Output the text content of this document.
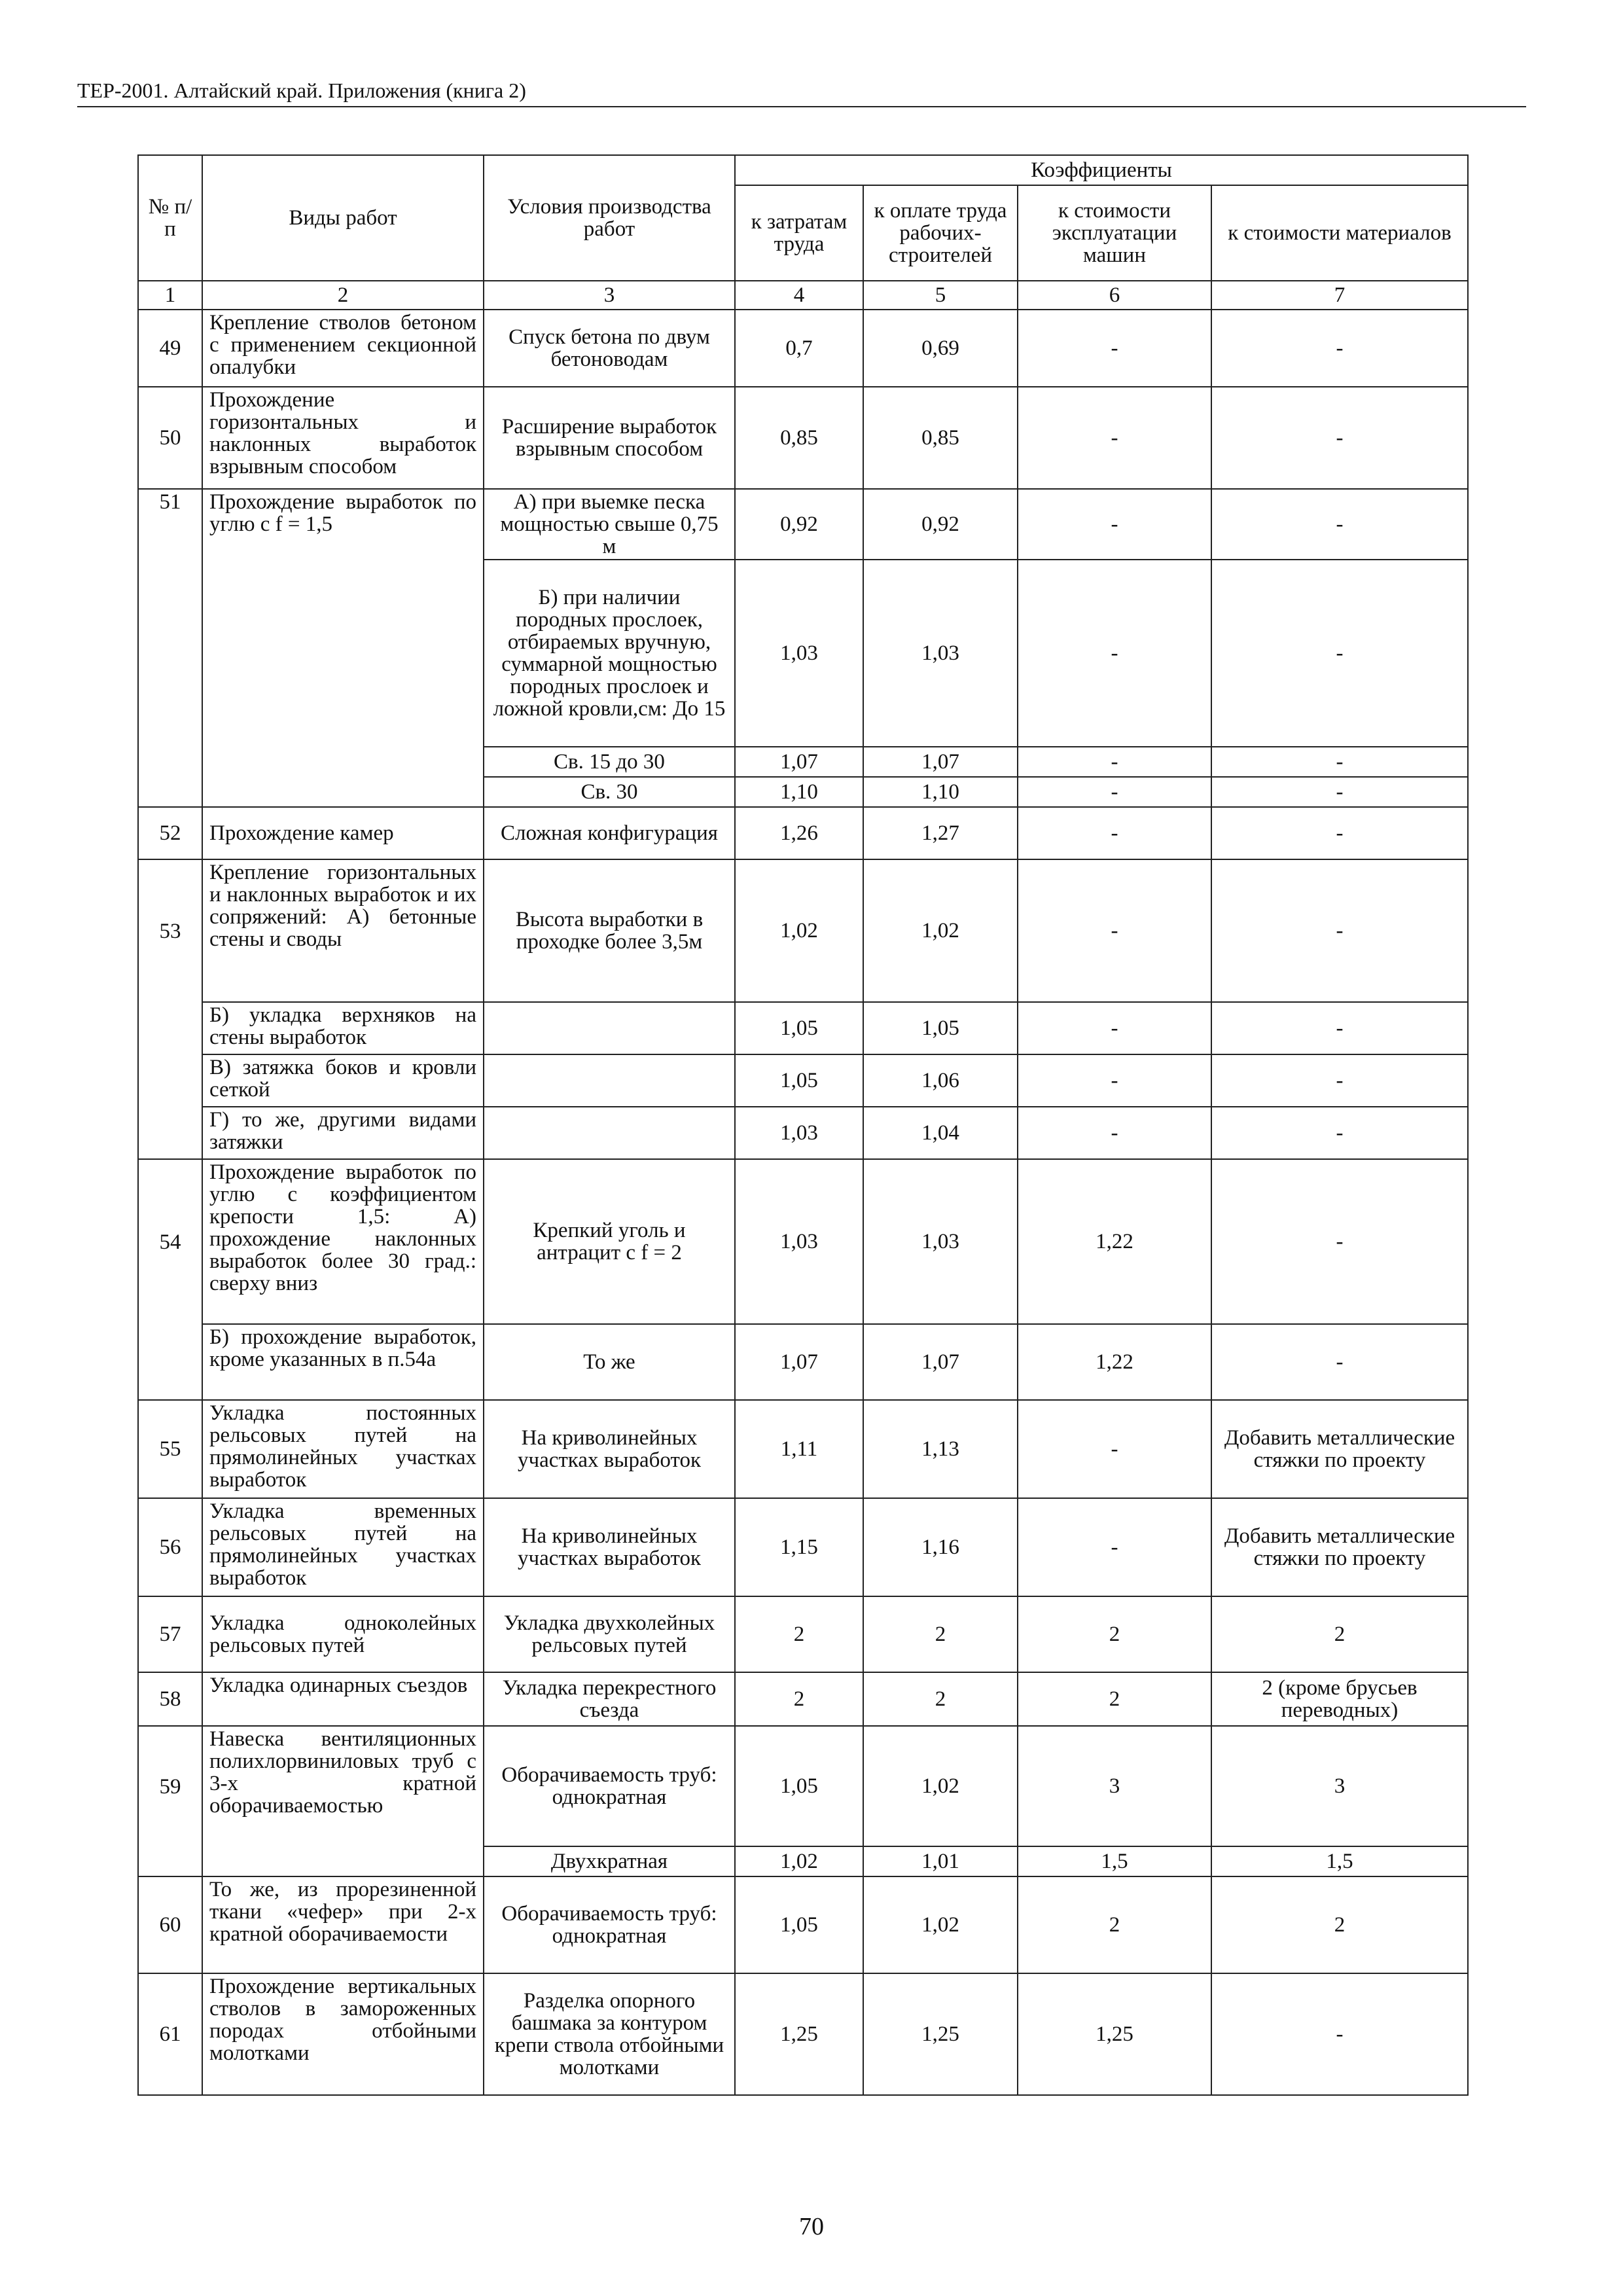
ТЕР-2001. Алтайский край. Приложения (книга 2)
№ п/п	Виды работ	Условия производства работ	Коэффициенты			
			к затратам труда	к оплате труда рабочих-строителей	к стоимости эксплуатации машин	к стоимости материалов
1	2	3	4	5	6	7
49	Крепление стволов бетоном с применением секционной опалубки	Спуск бетона по двум бетоноводам	0,7	0,69	-	-
50	Прохождение горизонтальных и наклонных выработок взрывным способом	Расширение выработок взрывным способом	0,85	0,85	-	-
51	Прохождение выработок по углю с f = 1,5	А) при выемке песка мощностью свыше 0,75 м	0,92	0,92	-	-
		Б) при наличии породных прослоек, отбираемых вручную, суммарной мощностью породных прослоек и ложной кровли,см: До 15	1,03	1,03	-	-
		Св. 15 до 30	1,07	1,07	-	-
		Св. 30	1,10	1,10	-	-
52	Прохождение камер	Сложная конфигурация	1,26	1,27	-	-
53	Крепление горизонтальных и наклонных выработок и их сопряжений: А) бетонные стены и своды	Высота выработки в проходке более 3,5м	1,02	1,02	-	-
	Б) укладка верхняков на стены выработок		1,05	1,05	-	-
	В) затяжка боков и кровли сеткой		1,05	1,06	-	-
	Г) то же, другими видами затяжки		1,03	1,04	-	-
54	Прохождение выработок по углю с коэффициентом крепости 1,5: А) прохождение наклонных выработок более 30 град.: сверху вниз	Крепкий уголь и антрацит с f = 2	1,03	1,03	1,22	-
	Б) прохождение выработок, кроме указанных в п.54а	То же	1,07	1,07	1,22	-
55	Укладка постоянных рельсовых путей на прямолинейных участках выработок	На криволинейных участках выработок	1,11	1,13	-	Добавить металлические стяжки по проекту
56	Укладка временных рельсовых путей на прямолинейных участках выработок	На криволинейных участках выработок	1,15	1,16	-	Добавить металлические стяжки по проекту
57	Укладка одноколейных рельсовых путей	Укладка двухколейных рельсовых путей	2	2	2	2
58	Укладка одинарных съездов	Укладка перекрестного съезда	2	2	2	2 (кроме брусьев переводных)
59	Навеска вентиляционных полихлорвиниловых труб с 3-х кратной оборачиваемостью	Оборачиваемость труб: однократная	1,05	1,02	3	3
		Двухкратная	1,02	1,01	1,5	1,5
60	То же, из прорезиненной ткани «чефер» при 2-х кратной оборачиваемости	Оборачиваемость труб: однократная	1,05	1,02	2	2
61	Прохождение вертикальных стволов в замороженных породах отбойными молотками	Разделка опорного башмака за контуром крепи ствола отбойными молотками	1,25	1,25	1,25	-
70
